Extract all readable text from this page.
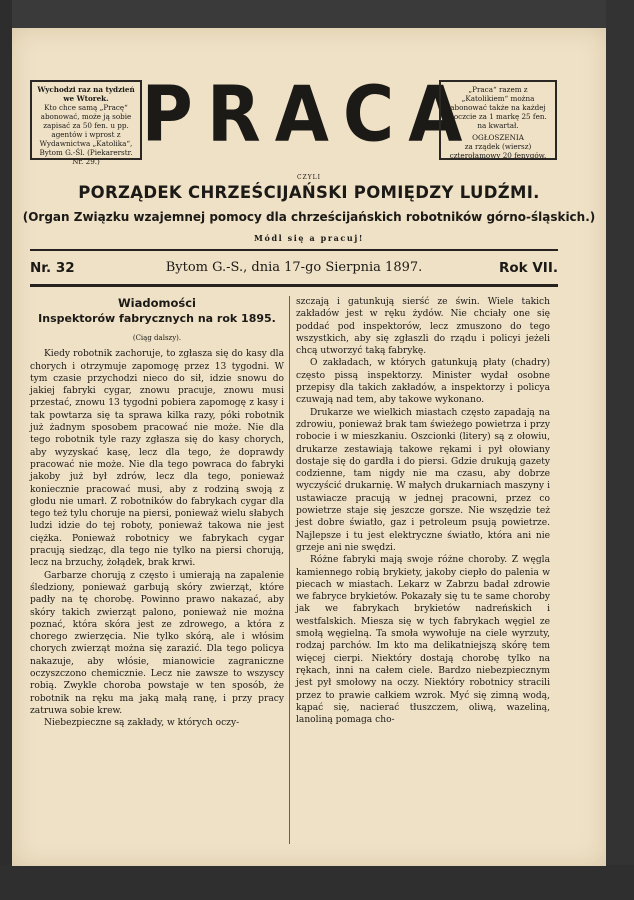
Wychodzi raz na tydzień
we Wtorek.
Kto chce samą „Pracę“ abonować, może ją sobie zapisać za 50 fen. u pp. agentów i wprost z Wydawnictwa „Katolika“, Bytom G.-Śl. (Piekarerstr. Nr. 29.)
PRACA
„Praca“ razem z „Katolikiem“ można abonować także na każdej poczcie za 1 markę 25 fen. na kwartał.
OGŁOSZENIA
za rządek (wiersz) czterołamowy 20 fenygów.
CZYLI
PORZĄDEK CHRZEŚCIJAŃSKI POMIĘDZY LUDŹMI.
(Organ Związku wzajemnej pomocy dla chrześcijańskich robotników górno-śląskich.)
Módl się a pracuj!
Nr. 32	Bytom G.-S., dnia 17-go Sierpnia 1897.	Rok VII.

Wiadomości

Inspektorów fabrycznych na rok 1895.

(Ciąg dalszy).

Kiedy robotnik zachoruje, to zgłasza się do kasy dla chorych i otrzymuje zapomogę przez 13 tygodni. W tym czasie przychodzi nieco do sił, idzie snowu do jakiej fabryki cygar, znowu pracuje, znowu musi przestać, znowu 13 tygodni pobiera zapomogę z kasy i tak powtarza się ta sprawa kilka razy, póki robotnik już żadnym sposobem pracować nie może. Nie dla tego robotnik tyle razy zgłasza się do kasy chorych, aby wyzyskać kasę, lecz dla tego, że doprawdy pracować nie może. Nie dla tego powraca do fabryki jakoby już był zdrów, lecz dla tego, ponieważ koniecznie pracować musi, aby z rodziną swoją z głodu nie umarł. Z robotników do fabrykach cygar dla tego też tylu choruje na piersi, ponieważ wielu słabych ludzi idzie do tej roboty, ponieważ takowa nie jest ciężka. Ponieważ robotnicy we fabrykach cygar pracują siedząc, dla tego nie tylko na piersi chorują, lecz na brzuchy, żołądek, brak krwi.

Garbarze chorują z często i umierają na zapalenie śledziony, ponieważ garbują skóry zwierząt, które padły na tę chorobę. Powinno prawo nakazać, aby skóry takich zwierząt palono, ponieważ nie można poznać, która skóra jest ze zdrowego, a która z chorego zwierzęcia. Nie tylko skórą, ale i włósim chorych zwierząt można się zarazić. Dla tego policya nakazuje, aby włósie, mianowicie zagraniczne oczyszczono chemicznie. Lecz nie zawsze to wszyscy robią. Zwykle choroba powstaje w ten sposób, że robotnik na ręku ma jaką małą ranę, i przy pracy zatruwa sobie krew.

Niebezpieczne są zakłady, w których oczy-

szczają i gatunkują sierść ze świn. Wiele takich zakładów jest w ręku żydów. Nie chciały one się poddać pod inspektorów, lecz zmuszono do tego wszystkich, aby się zgłaszli do rządu i policyi jeżeli chcą utworzyć taką fabrykę.

O zakładach, w których gatunkują płaty (chadry) często pissą inspektorzy. Minister wydał osobne przepisy dla takich zakładów, a inspektorzy i policya czuwają nad tem, aby takowe wykonano.

Drukarze we wielkich miastach często zapadają na zdrowiu, ponieważ brak tam świeżego powietrza i przy robocie i w mieszkaniu. Oszcionki (litery) są z ołowiu, drukarze zestawiają takowe rękami i pył ołowiany dostaje się do gardła i do piersi. Gdzie drukują gazety codzienne, tam nigdy nie ma czasu, aby dobrze wyczyścić drukarnię. W małych drukarniach maszyny i ustawiacze pracują w jednej pracowni, przez co powietrze staje się jeszcze gorsze. Nie wszędzie też jest dobre światło, gaz i petroleum psują powietrze. Najlepsze i tu jest elektryczne światło, która ani nie grzeje ani nie swędzi.

Różne fabryki mają swoje różne choroby. Z węgla kamiennego robią brykiety, jakoby ciepło do palenia w piecach w miastach. Lekarz w Zabrzu badał zdrowie we fabryce brykietów. Pokazały się tu te same choroby jak we fabrykach brykietów nadreńskich i westfalskich. Miesza się w tych fabrykach węgiel ze smołą węgielną. Ta smoła wywołuje na ciele wyrzuty, rodzaj parchów. Im kto ma delikatniejszą skórę tem więcej cierpi. Niektóry dostają chorobę tylko na rękach, inni na całem ciele. Bardzo niebezpiecznym jest pył smołowy na oczy. Niektóry robotnicy stracili przez to prawie całkiem wzrok. Myć się zimną wodą, kąpać się, nacierać tłuszczem, oliwą, wazeliną, lanoliną pomaga cho-
